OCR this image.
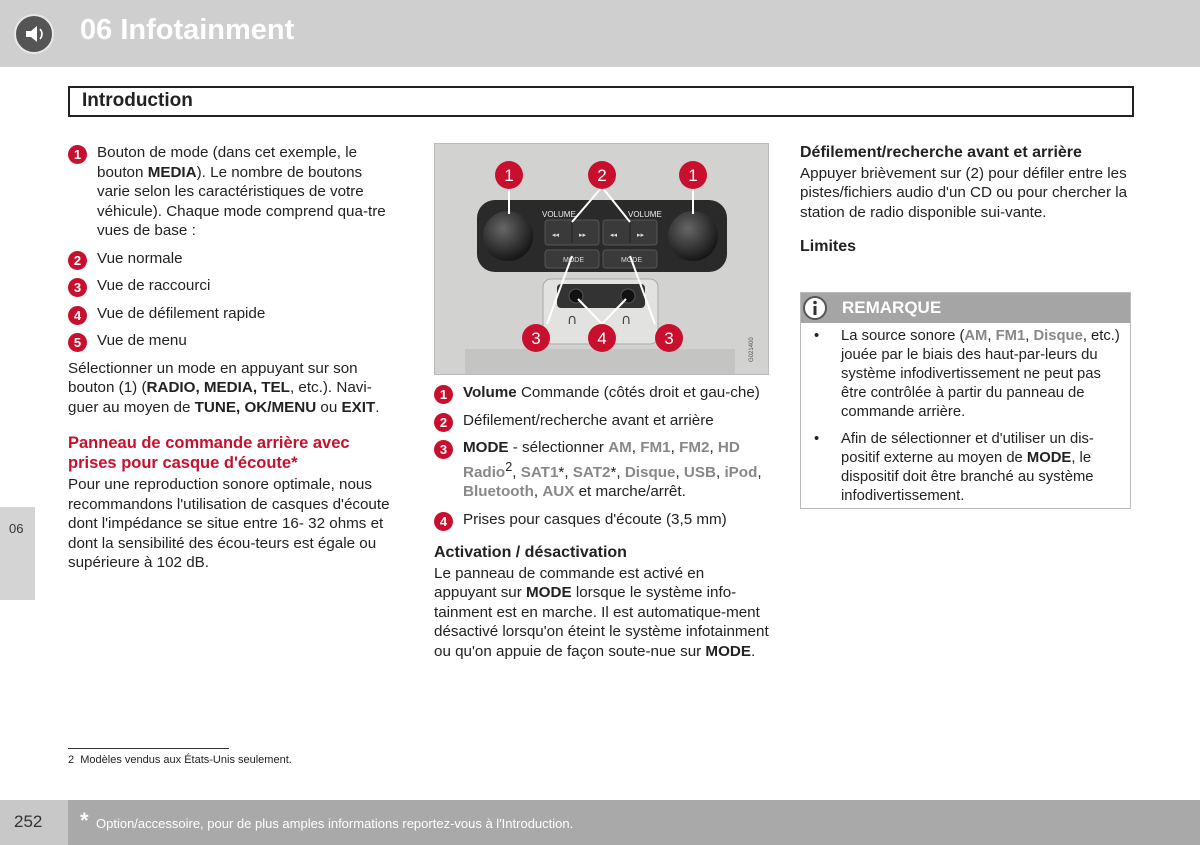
06 Infotainment
Introduction
06
1	Bouton de mode (dans cet exemple, le bouton MEDIA). Le nombre de boutons varie selon les caractéristiques de votre véhicule). Chaque mode comprend qua-tre vues de base :
2	Vue normale
3	Vue de raccourci
4	Vue de défilement rapide
5	Vue de menu

Sélectionner un mode en appuyant sur son bouton (1) (RADIO, MEDIA, TEL, etc.). Navi-guer au moyen de TUNE, OK/MENU ou EXIT.

Panneau de commande arrière avec prises pour casque d'écoute*

Pour une reproduction sonore optimale, nous recommandons l'utilisation de casques d'écoute dont l'impédance se situe entre 16- 32 ohms et dont la sensibilité des écou-teurs est égale ou supérieure à 102 dB.

◂◂	▸▸	◂◂	▸▸
VOLUME	VOLUME
MODE	MODE
∩	∩
1	2	1
3	4	3	G021400
1	Volume Commande (côtés droit et gau-che)
2	Défilement/recherche avant et arrière
3	MODE - sélectionner AM, FM1, FM2, HD Radio$^2$, SAT1*, SAT2*, Disque, USB, iPod, Bluetooth, AUX et marche/arrêt.
4	Prises pour casques d'écoute (3,5 mm)
Activation / désactivation

Le panneau de commande est activé en appuyant sur MODE lorsque le système info-tainment est en marche. Il est automatique-ment désactivé lorsqu'on éteint le système infotainment ou qu'on appuie de façon soute-nue sur MODE.

Défilement/recherche avant et arrière

Appuyer brièvement sur (2) pour défiler entre les pistes/fichiers audio d'un CD ou pour chercher la station de radio disponible sui-vante.

Limites
REMARQUE
• La source sonore (AM, FM1, Disque, etc.) jouée par le biais des haut-par-leurs du système infodivertissement ne peut pas être contrôlée à partir du panneau de commande arrière.
• Afin de sélectionner et d'utiliser un dis-positif externe au moyen de MODE, le dispositif doit être branché au système infodivertissement.
2 Modèles vendus aux États-Unis seulement.
252 * Option/accessoire, pour de plus amples informations reportez-vous à l'Introduction.
